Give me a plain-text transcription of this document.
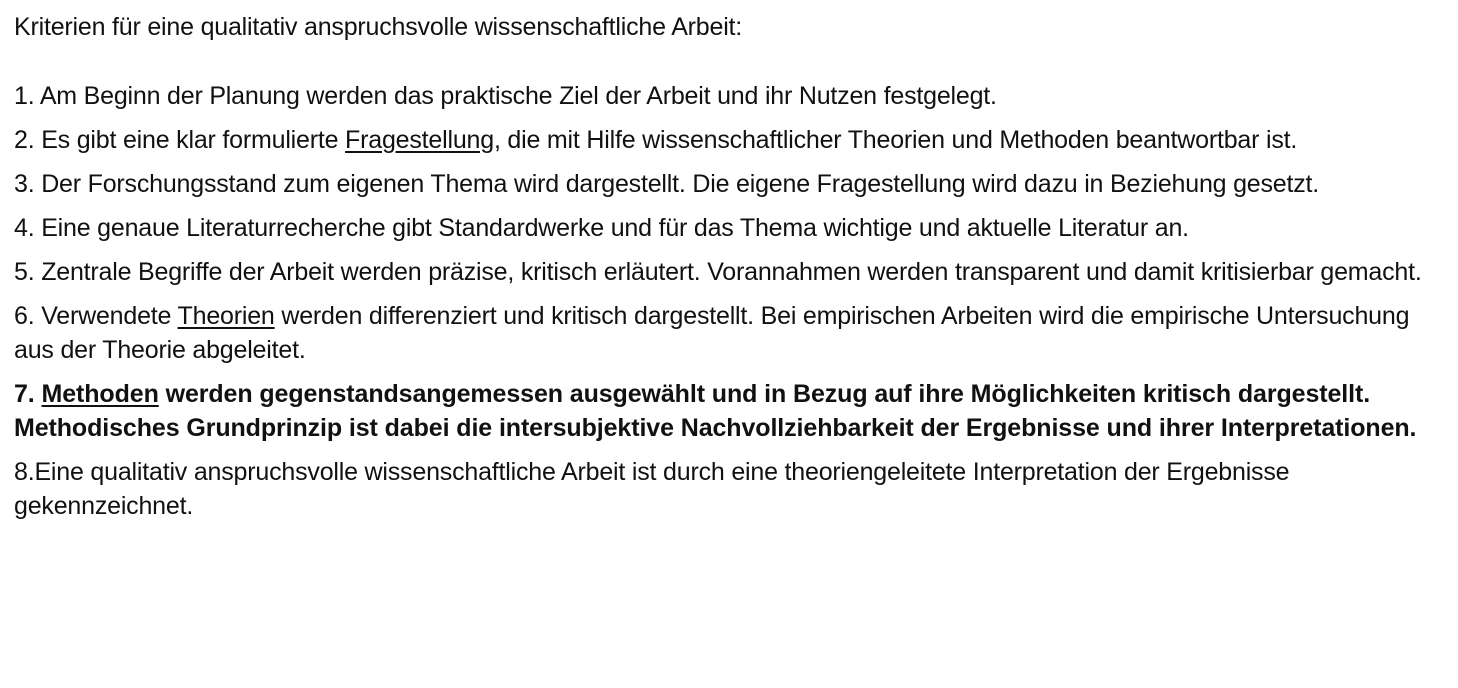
Kriterien für eine qualitativ anspruchsvolle wissenschaftliche Arbeit:
1. Am Beginn der Planung werden das praktische Ziel der Arbeit und ihr Nutzen festgelegt.
2. Es gibt eine klar formulierte Fragestellung, die mit Hilfe wissenschaftlicher Theorien und Methoden beantwortbar ist.
3. Der Forschungsstand zum eigenen Thema wird dargestellt. Die eigene Fragestellung wird dazu in Beziehung gesetzt.
4. Eine genaue Literaturrecherche gibt Standardwerke und für das Thema wichtige und aktuelle Literatur an.
5. Zentrale Begriffe der Arbeit werden präzise, kritisch erläutert. Vorannahmen werden transparent und damit kritisierbar gemacht.
6. Verwendete Theorien werden differenziert und kritisch dargestellt. Bei empirischen Arbeiten wird die empirische Untersuchung aus der Theorie abgeleitet.
7. Methoden werden gegenstandsangemessen ausgewählt und in Bezug auf ihre Möglichkeiten kritisch dargestellt. Methodisches Grundprinzip ist dabei die intersubjektive Nachvollziehbarkeit der Ergebnisse und ihrer Interpretationen.
8.Eine qualitativ anspruchsvolle wissenschaftliche Arbeit ist durch eine theoriengeleitete Interpretation der Ergebnisse gekennzeichnet.
